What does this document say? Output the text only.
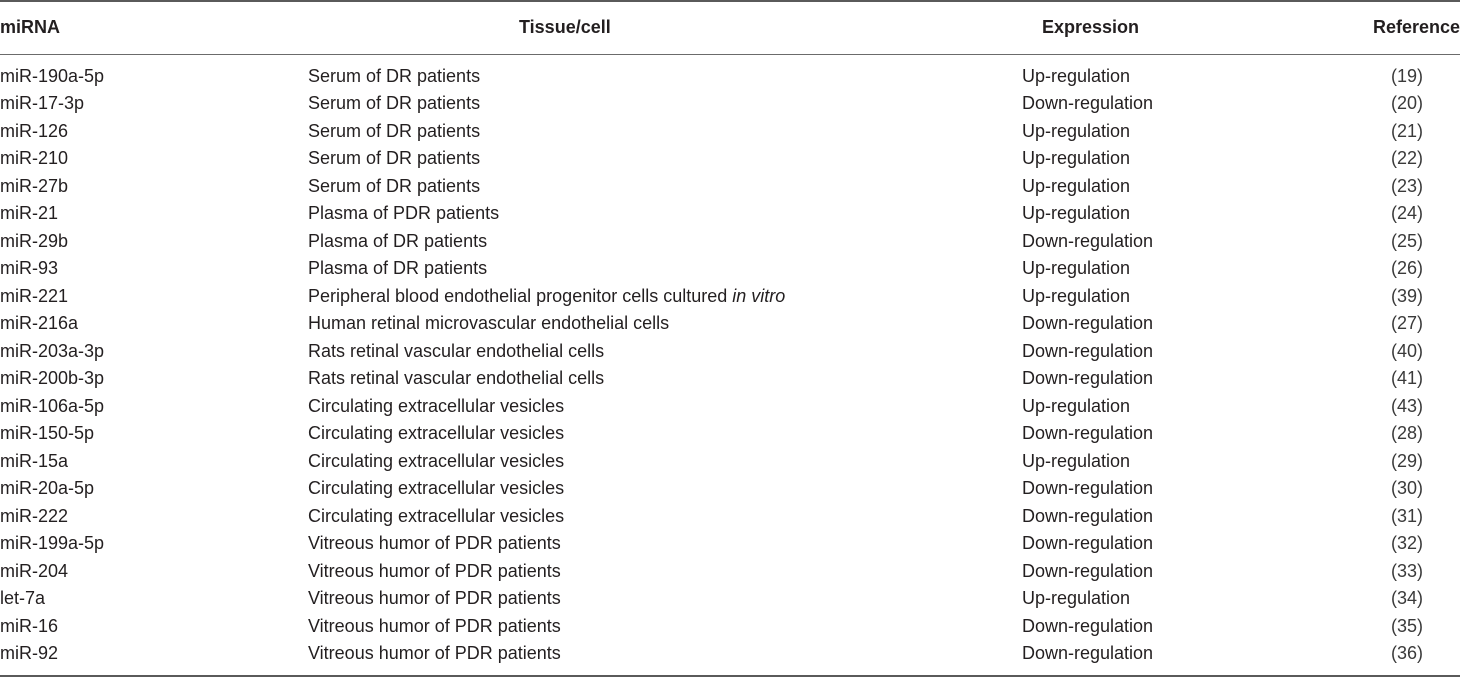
miRNA	Tissue/cell	Expression	Reference
miR-190a-5p	Serum of DR patients	Up-regulation	(19)
miR-17-3p	Serum of DR patients	Down-regulation	(20)
miR-126	Serum of DR patients	Up-regulation	(21)
miR-210	Serum of DR patients	Up-regulation	(22)
miR-27b	Serum of DR patients	Up-regulation	(23)
miR-21	Plasma of PDR patients	Up-regulation	(24)
miR-29b	Plasma of DR patients	Down-regulation	(25)
miR-93	Plasma of DR patients	Up-regulation	(26)
miR-221	Peripheral blood endothelial progenitor cells cultured in vitro	Up-regulation	(39)
miR-216a	Human retinal microvascular endothelial cells	Down-regulation	(27)
miR-203a-3p	Rats retinal vascular endothelial cells	Down-regulation	(40)
miR-200b-3p	Rats retinal vascular endothelial cells	Down-regulation	(41)
miR-106a-5p	Circulating extracellular vesicles	Up-regulation	(43)
miR-150-5p	Circulating extracellular vesicles	Down-regulation	(28)
miR-15a	Circulating extracellular vesicles	Up-regulation	(29)
miR-20a-5p	Circulating extracellular vesicles	Down-regulation	(30)
miR-222	Circulating extracellular vesicles	Down-regulation	(31)
miR-199a-5p	Vitreous humor of PDR patients	Down-regulation	(32)
miR-204	Vitreous humor of PDR patients	Down-regulation	(33)
let-7a	Vitreous humor of PDR patients	Up-regulation	(34)
miR-16	Vitreous humor of PDR patients	Down-regulation	(35)
miR-92	Vitreous humor of PDR patients	Down-regulation	(36)
